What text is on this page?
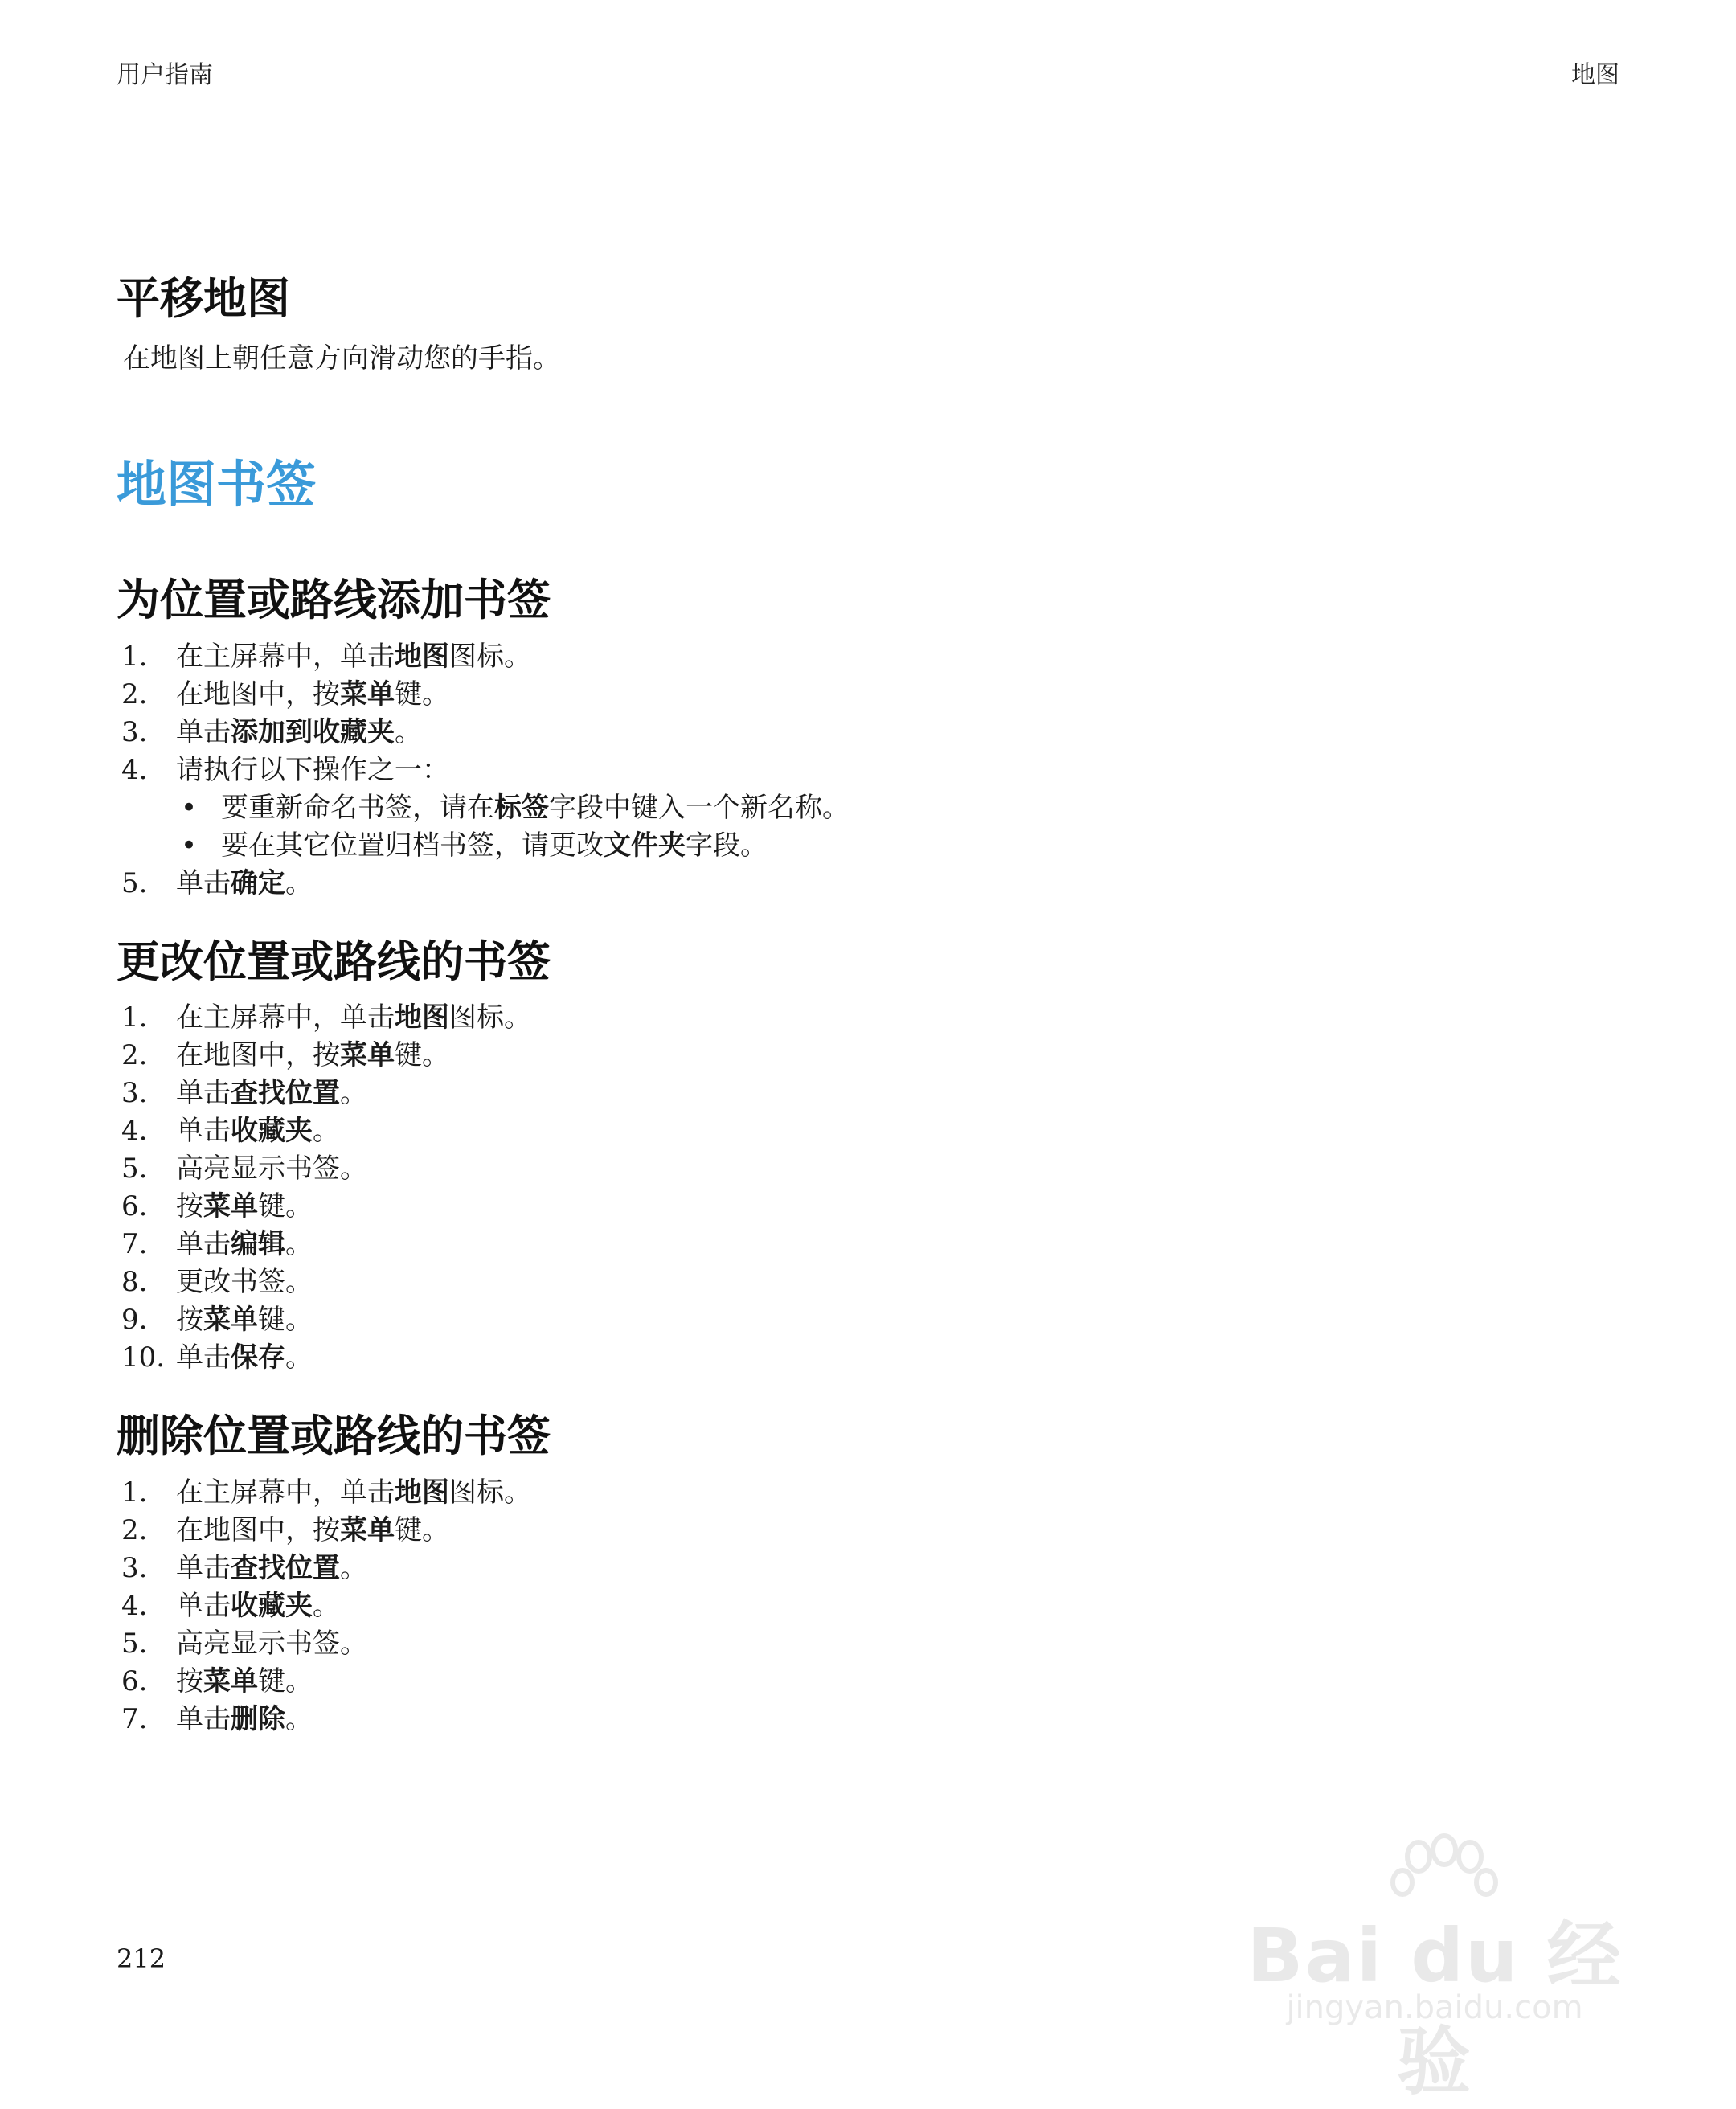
用户指南	地图
平移地图

在地图上朝任意方向滑动您的手指。

地图书签
为位置或路线添加书签
1.	在主屏幕中，单击地图图标。
2.	在地图中，按菜单键。
3.	单击添加到收藏夹。
4.	请执行以下操作之一：
• 要重新命名书签，请在标签字段中键入一个新名称。
• 要在其它位置归档书签，请更改文件夹字段。
5.	单击确定。
更改位置或路线的书签
1.	在主屏幕中，单击地图图标。
2.	在地图中，按菜单键。
3.	单击查找位置。
4.	单击收藏夹。
5.	高亮显示书签。
6.	按菜单键。
7.	单击编辑。
8.	更改书签。
9.	按菜单键。
10. 单击保存。
删除位置或路线的书签
1.	在主屏幕中，单击地图图标。
2.	在地图中，按菜单键。
3.	单击查找位置。
4.	单击收藏夹。
5.	高亮显示书签。
6.	按菜单键。
7.	单击删除。
212	Bai du 经验
jingyan.baidu.com
